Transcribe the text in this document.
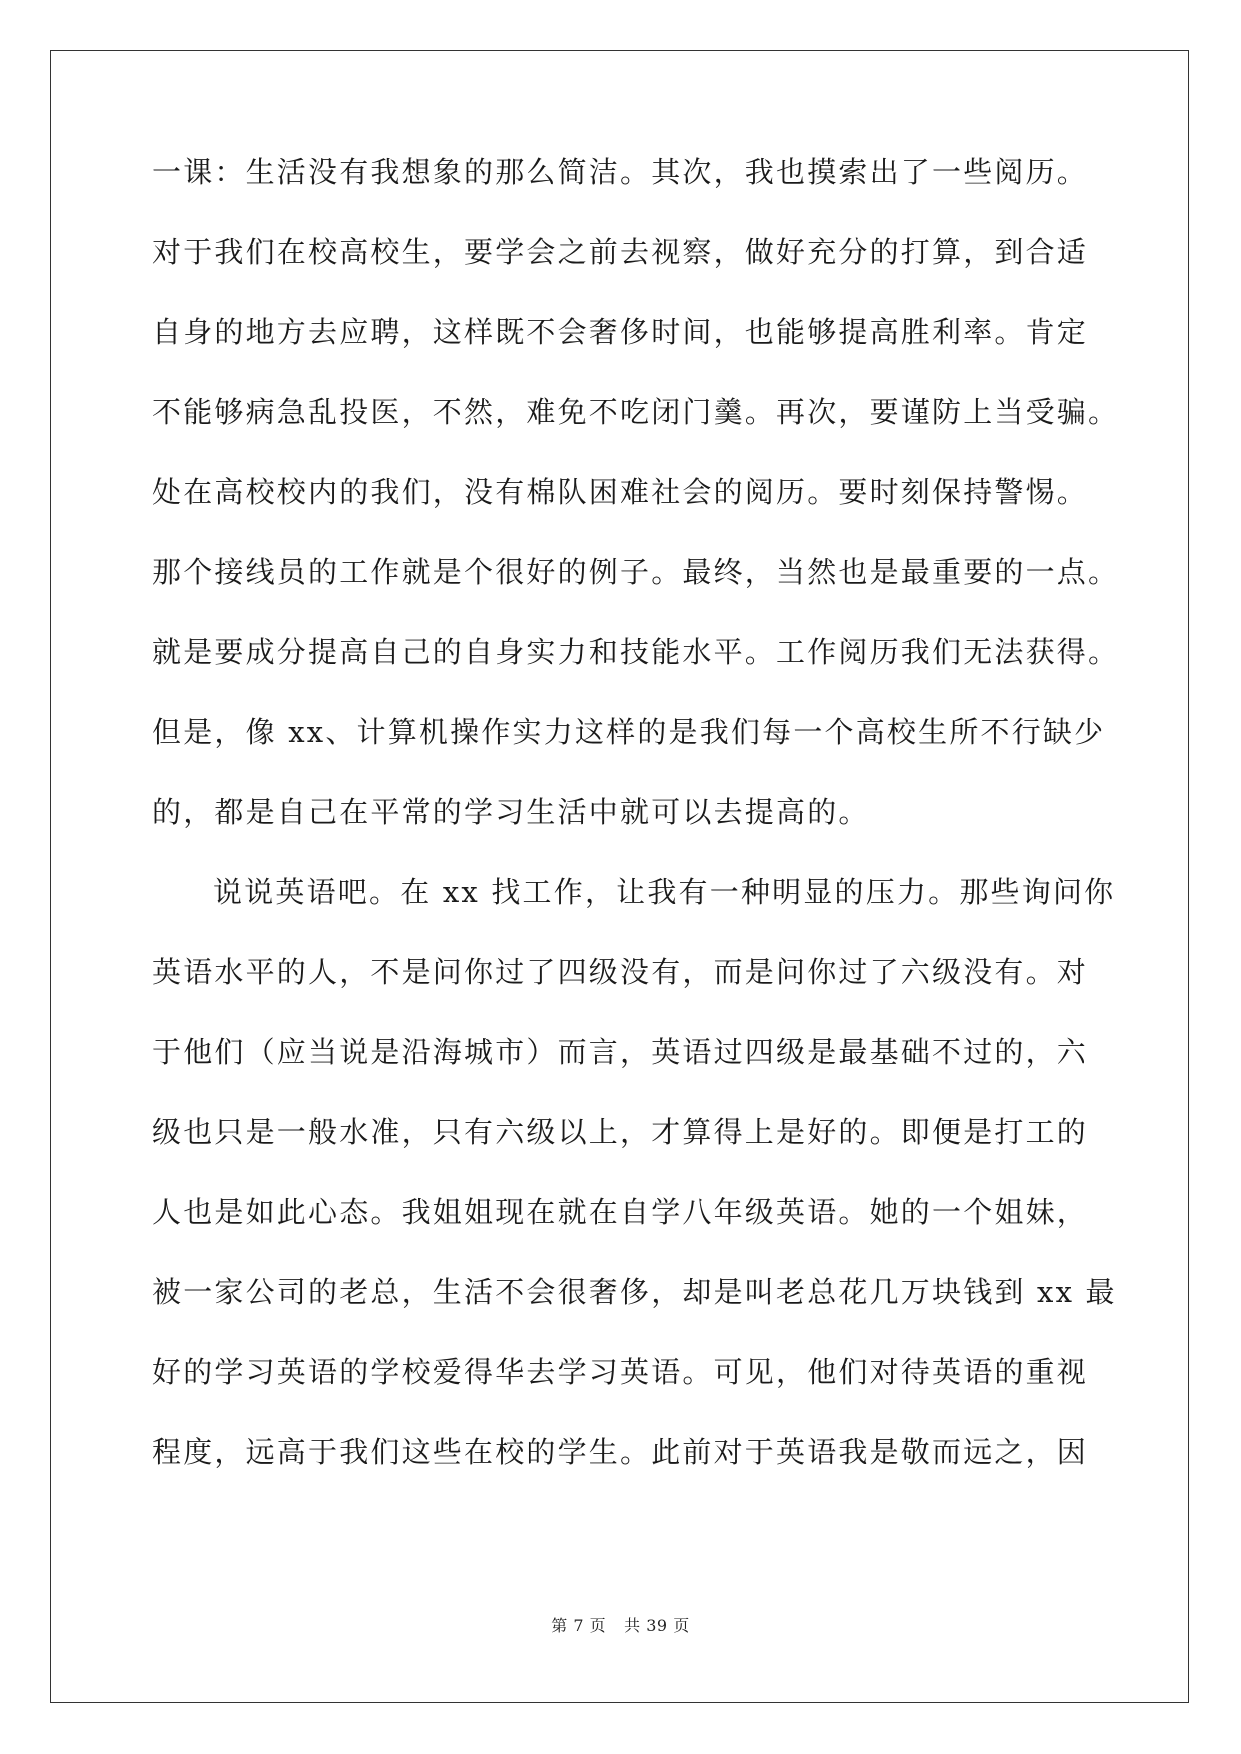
一课：生活没有我想象的那么简洁。其次，我也摸索出了一些阅历。
对于我们在校高校生，要学会之前去视察，做好充分的打算，到合适
自身的地方去应聘，这样既不会奢侈时间，也能够提高胜利率。肯定
不能够病急乱投医，不然，难免不吃闭门羹。再次，要谨防上当受骗。
处在高校校内的我们，没有棉队困难社会的阅历。要时刻保持警惕。
那个接线员的工作就是个很好的例子。最终，当然也是最重要的一点。
就是要成分提高自己的自身实力和技能水平。工作阅历我们无法获得。
但是，像 xx、计算机操作实力这样的是我们每一个高校生所不行缺少
的，都是自己在平常的学习生活中就可以去提高的。
说说英语吧。在 xx 找工作，让我有一种明显的压力。那些询问你
英语水平的人，不是问你过了四级没有，而是问你过了六级没有。对
于他们（应当说是沿海城市）而言，英语过四级是最基础不过的，六
级也只是一般水准，只有六级以上，才算得上是好的。即便是打工的
人也是如此心态。我姐姐现在就在自学八年级英语。她的一个姐妹，
被一家公司的老总，生活不会很奢侈，却是叫老总花几万块钱到 xx 最
好的学习英语的学校爱得华去学习英语。可见，他们对待英语的重视
程度，远高于我们这些在校的学生。此前对于英语我是敬而远之，因
第 7 页 共 39 页
